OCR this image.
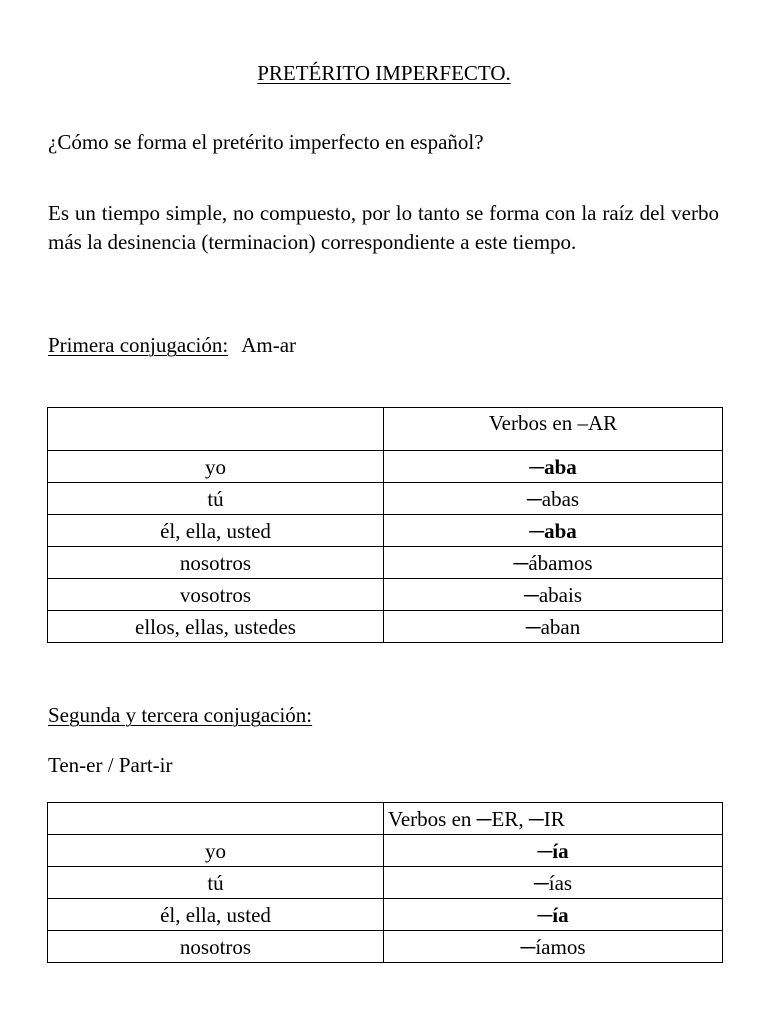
PRETÉRITO IMPERFECTO.
¿Cómo se forma el pretérito imperfecto en español?
Es un tiempo simple, no compuesto, por lo tanto se forma con la raíz del verbo más la desinencia (terminacion) correspondiente a este tiempo.
Primera conjugación: Am-ar
	Verbos en –AR
yo	─aba
tú	─abas
él, ella, usted	─aba
nosotros	─ábamos
vosotros	─abais
ellos, ellas, ustedes	─aban
Segunda y tercera conjugación:
Ten-er / Part-ir
	Verbos en ─ER, ─IR
yo	─ía
tú	─ías
él, ella, usted	─ía
nosotros	─íamos
